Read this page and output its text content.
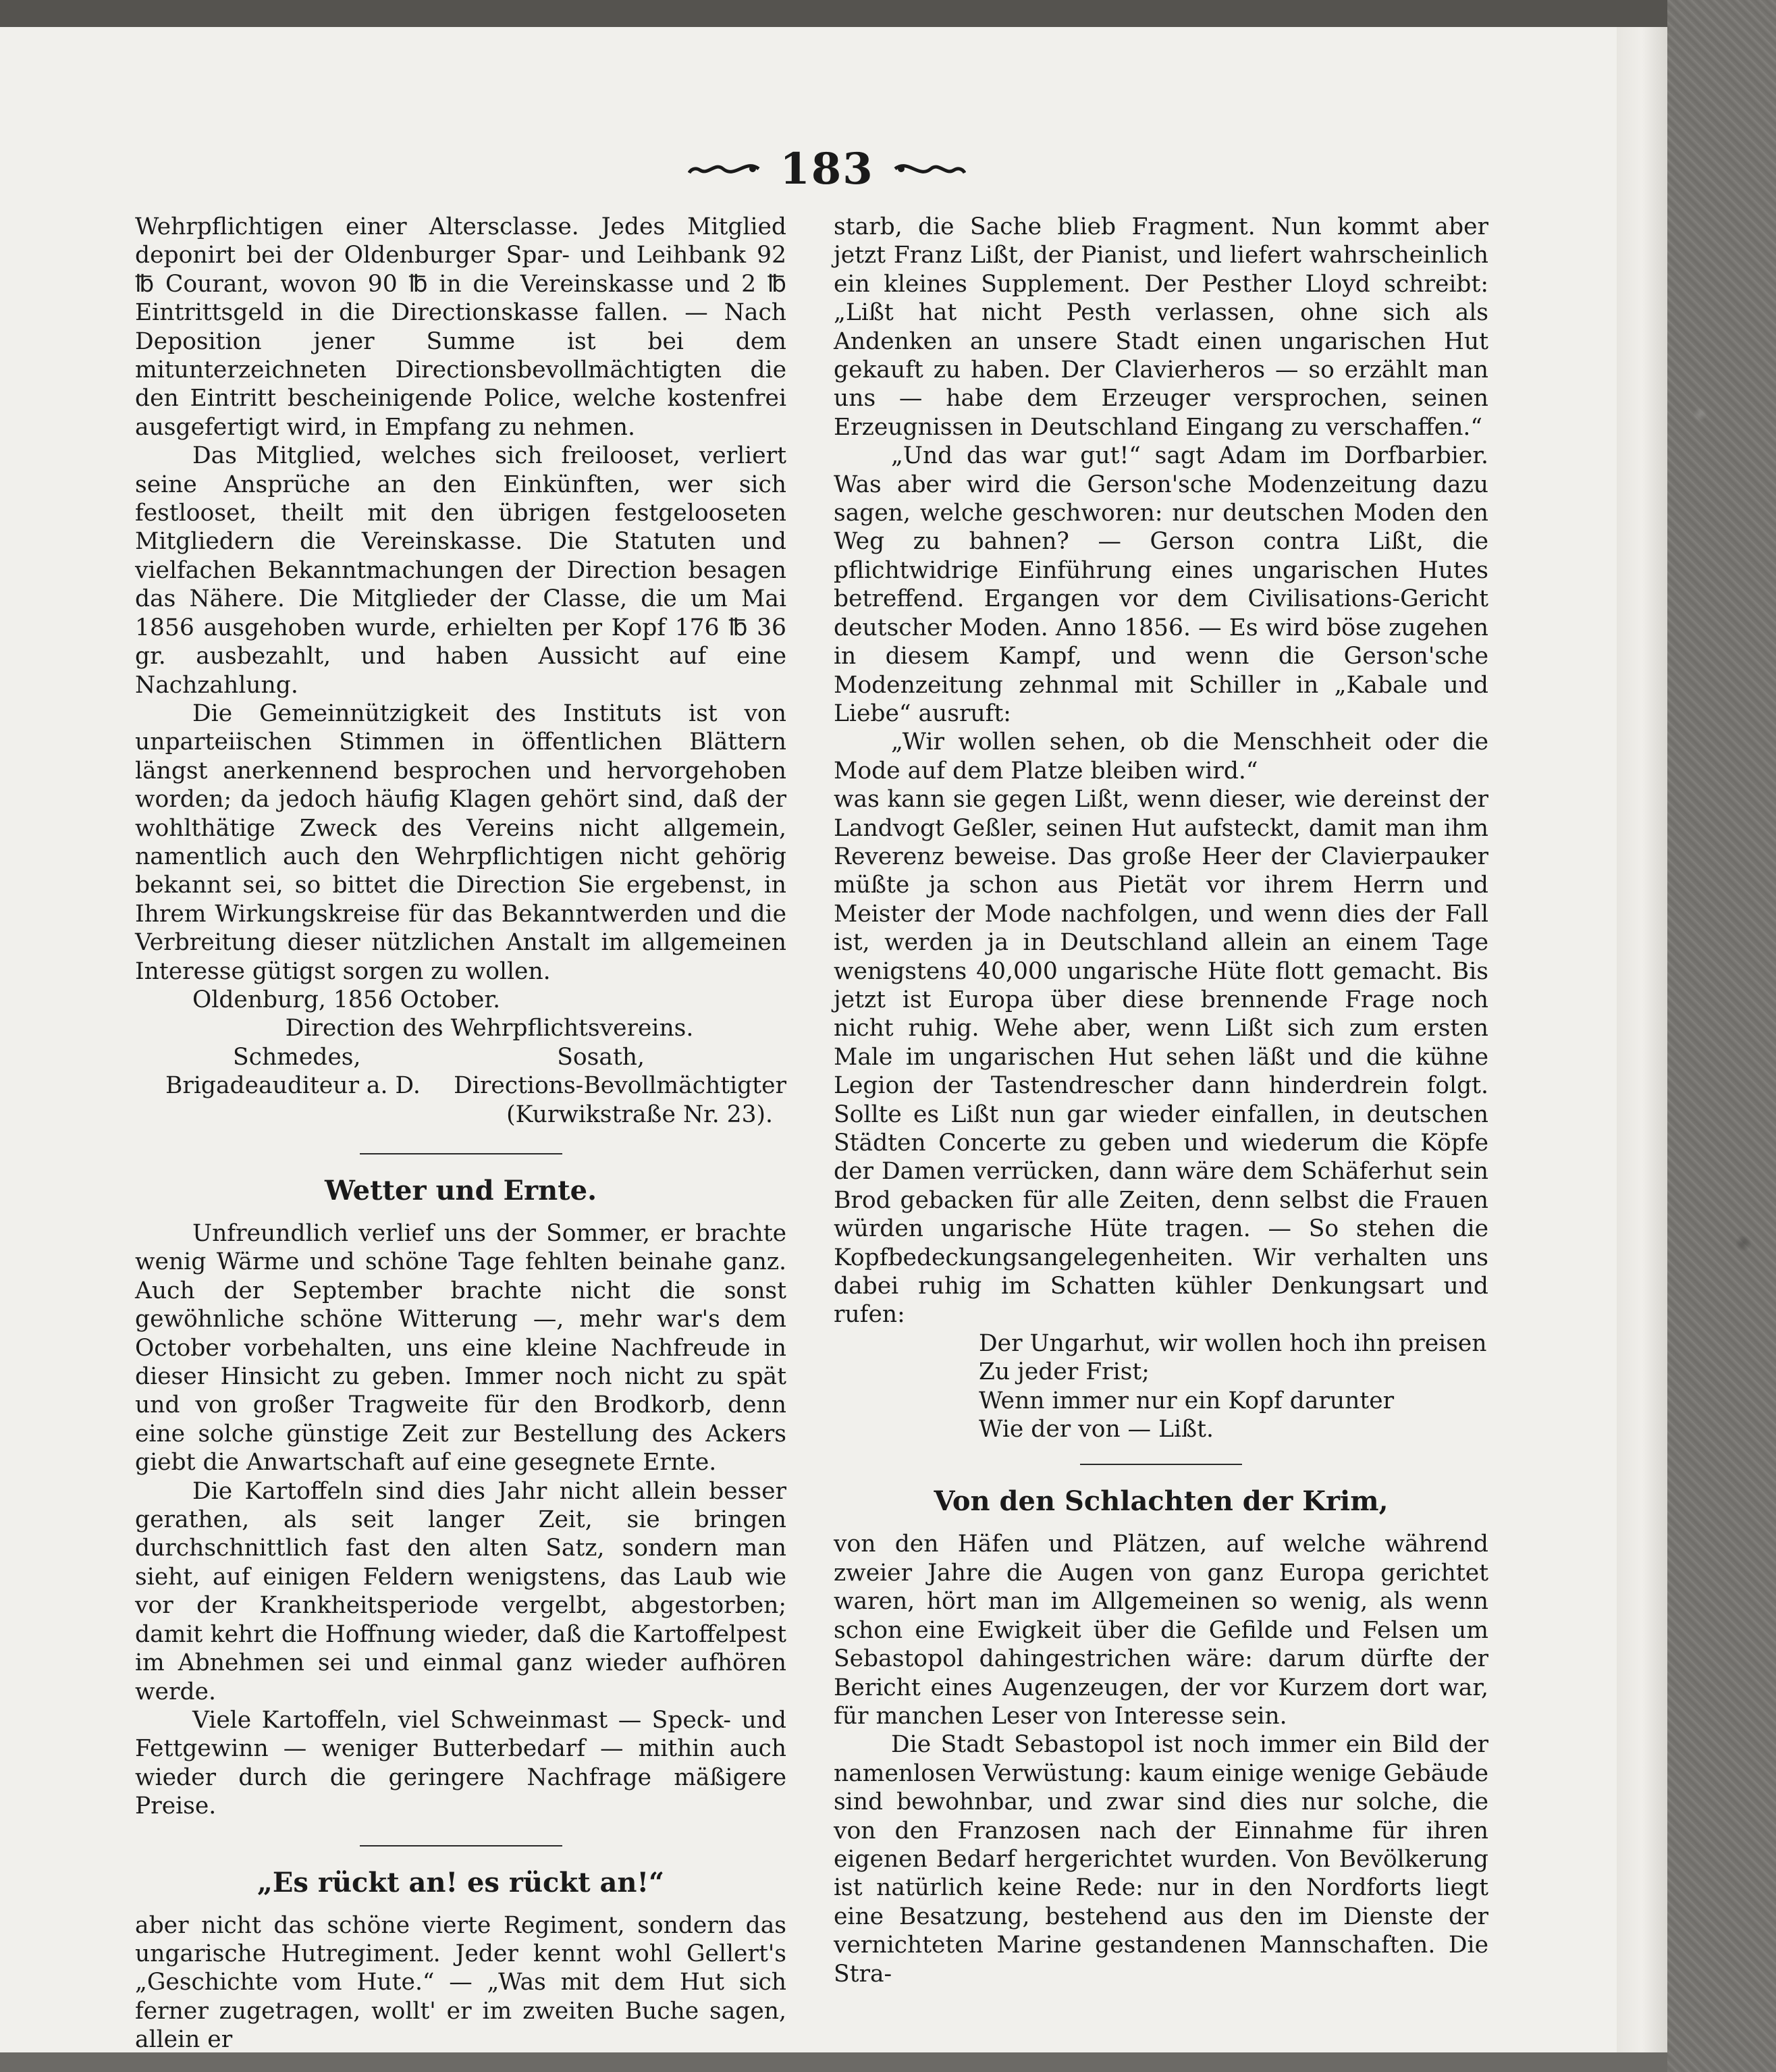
183

Wehrpflichtigen einer Altersclasse. Jedes Mitglied deponirt bei der Oldenburger Spar- und Leihbank 92 ℔ Courant, wovon 90 ℔ in die Vereinskasse und 2 ℔ Eintrittsgeld in die Directionskasse fallen. — Nach Deposition jener Summe ist bei dem mitunterzeichneten Directionsbevollmächtigten die den Eintritt bescheinigende Police, welche kostenfrei ausgefertigt wird, in Empfang zu nehmen.

Das Mitglied, welches sich freilooset, verliert seine Ansprüche an den Einkünften, wer sich festlooset, theilt mit den übrigen festgelooseten Mitgliedern die Vereinskasse. Die Statuten und vielfachen Bekanntmachungen der Direction besagen das Nähere. Die Mitglieder der Classe, die um Mai 1856 ausgehoben wurde, erhielten per Kopf 176 ℔ 36 gr. ausbezahlt, und haben Aussicht auf eine Nachzahlung.

Die Gemeinnützigkeit des Instituts ist von unparteiischen Stimmen in öffentlichen Blättern längst anerkennend besprochen und hervorgehoben worden; da jedoch häufig Klagen gehört sind, daß der wohlthätige Zweck des Vereins nicht allgemein, namentlich auch den Wehrpflichtigen nicht gehörig bekannt sei, so bittet die Direction Sie ergebenst, in Ihrem Wirkungskreise für das Bekanntwerden und die Verbreitung dieser nützlichen Anstalt im allgemeinen Interesse gütigst sorgen zu wollen.

Oldenburg, 1856 October.

Direction des Wehrpflichtsvereins.

Schmedes,	Sosath,
Brigadeauditeur a. D. Directions-Bevollmächtigter
(Kurwikstraße Nr. 23).
Wetter und Ernte.

Unfreundlich verlief uns der Sommer, er brachte wenig Wärme und schöne Tage fehlten beinahe ganz. Auch der September brachte nicht die sonst gewöhnliche schöne Witterung —, mehr war's dem October vorbehalten, uns eine kleine Nachfreude in dieser Hinsicht zu geben. Immer noch nicht zu spät und von großer Tragweite für den Brodkorb, denn eine solche günstige Zeit zur Bestellung des Ackers giebt die Anwartschaft auf eine gesegnete Ernte.

Die Kartoffeln sind dies Jahr nicht allein besser gerathen, als seit langer Zeit, sie bringen durchschnittlich fast den alten Satz, sondern man sieht, auf einigen Feldern wenigstens, das Laub wie vor der Krankheitsperiode vergelbt, abgestorben; damit kehrt die Hoffnung wieder, daß die Kartoffelpest im Abnehmen sei und einmal ganz wieder aufhören werde.

Viele Kartoffeln, viel Schweinmast — Speck- und Fettgewinn — weniger Butterbedarf — mithin auch wieder durch die geringere Nachfrage mäßigere Preise.

„Es rückt an! es rückt an!“

aber nicht das schöne vierte Regiment, sondern das ungarische Hutregiment. Jeder kennt wohl Gellert's „Geschichte vom Hute.“ — „Was mit dem Hut sich ferner zugetragen, wollt' er im zweiten Buche sagen, allein er

starb, die Sache blieb Fragment. Nun kommt aber jetzt Franz Lißt, der Pianist, und liefert wahrscheinlich ein kleines Supplement. Der Pesther Lloyd schreibt: „Lißt hat nicht Pesth verlassen, ohne sich als Andenken an unsere Stadt einen ungarischen Hut gekauft zu haben. Der Clavierheros — so erzählt man uns — habe dem Erzeuger versprochen, seinen Erzeugnissen in Deutschland Eingang zu verschaffen.“

„Und das war gut!“ sagt Adam im Dorfbarbier. Was aber wird die Gerson'sche Modenzeitung dazu sagen, welche geschworen: nur deutschen Moden den Weg zu bahnen? — Gerson contra Lißt, die pflichtwidrige Einführung eines ungarischen Hutes betreffend. Ergangen vor dem Civilisations-Gericht deutscher Moden. Anno 1856. — Es wird böse zugehen in diesem Kampf, und wenn die Gerson'sche Modenzeitung zehnmal mit Schiller in „Kabale und Liebe“ ausruft:

„Wir wollen sehen, ob die Menschheit oder die Mode auf dem Platze bleiben wird.“

was kann sie gegen Lißt, wenn dieser, wie dereinst der Landvogt Geßler, seinen Hut aufsteckt, damit man ihm Reverenz beweise. Das große Heer der Clavierpauker müßte ja schon aus Pietät vor ihrem Herrn und Meister der Mode nachfolgen, und wenn dies der Fall ist, werden ja in Deutschland allein an einem Tage wenigstens 40,000 ungarische Hüte flott gemacht. Bis jetzt ist Europa über diese brennende Frage noch nicht ruhig. Wehe aber, wenn Lißt sich zum ersten Male im ungarischen Hut sehen läßt und die kühne Legion der Tastendrescher dann hinderdrein folgt. Sollte es Lißt nun gar wieder einfallen, in deutschen Städten Concerte zu geben und wiederum die Köpfe der Damen verrücken, dann wäre dem Schäferhut sein Brod gebacken für alle Zeiten, denn selbst die Frauen würden ungarische Hüte tragen. — So stehen die Kopfbedeckungsangelegenheiten. Wir verhalten uns dabei ruhig im Schatten kühler Denkungsart und rufen:

Der Ungarhut, wir wollen hoch ihn preisen

Zu jeder Frist;

Wenn immer nur ein Kopf darunter

Wie der von — Lißt.

Von den Schlachten der Krim,

von den Häfen und Plätzen, auf welche während zweier Jahre die Augen von ganz Europa gerichtet waren, hört man im Allgemeinen so wenig, als wenn schon eine Ewigkeit über die Gefilde und Felsen um Sebastopol dahingestrichen wäre: darum dürfte der Bericht eines Augenzeugen, der vor Kurzem dort war, für manchen Leser von Interesse sein.

Die Stadt Sebastopol ist noch immer ein Bild der namenlosen Verwüstung: kaum einige wenige Gebäude sind bewohnbar, und zwar sind dies nur solche, die von den Franzosen nach der Einnahme für ihren eigenen Bedarf hergerichtet wurden. Von Bevölkerung ist natürlich keine Rede: nur in den Nordforts liegt eine Besatzung, bestehend aus den im Dienste der vernichteten Marine gestandenen Mannschaften. Die Stra-
